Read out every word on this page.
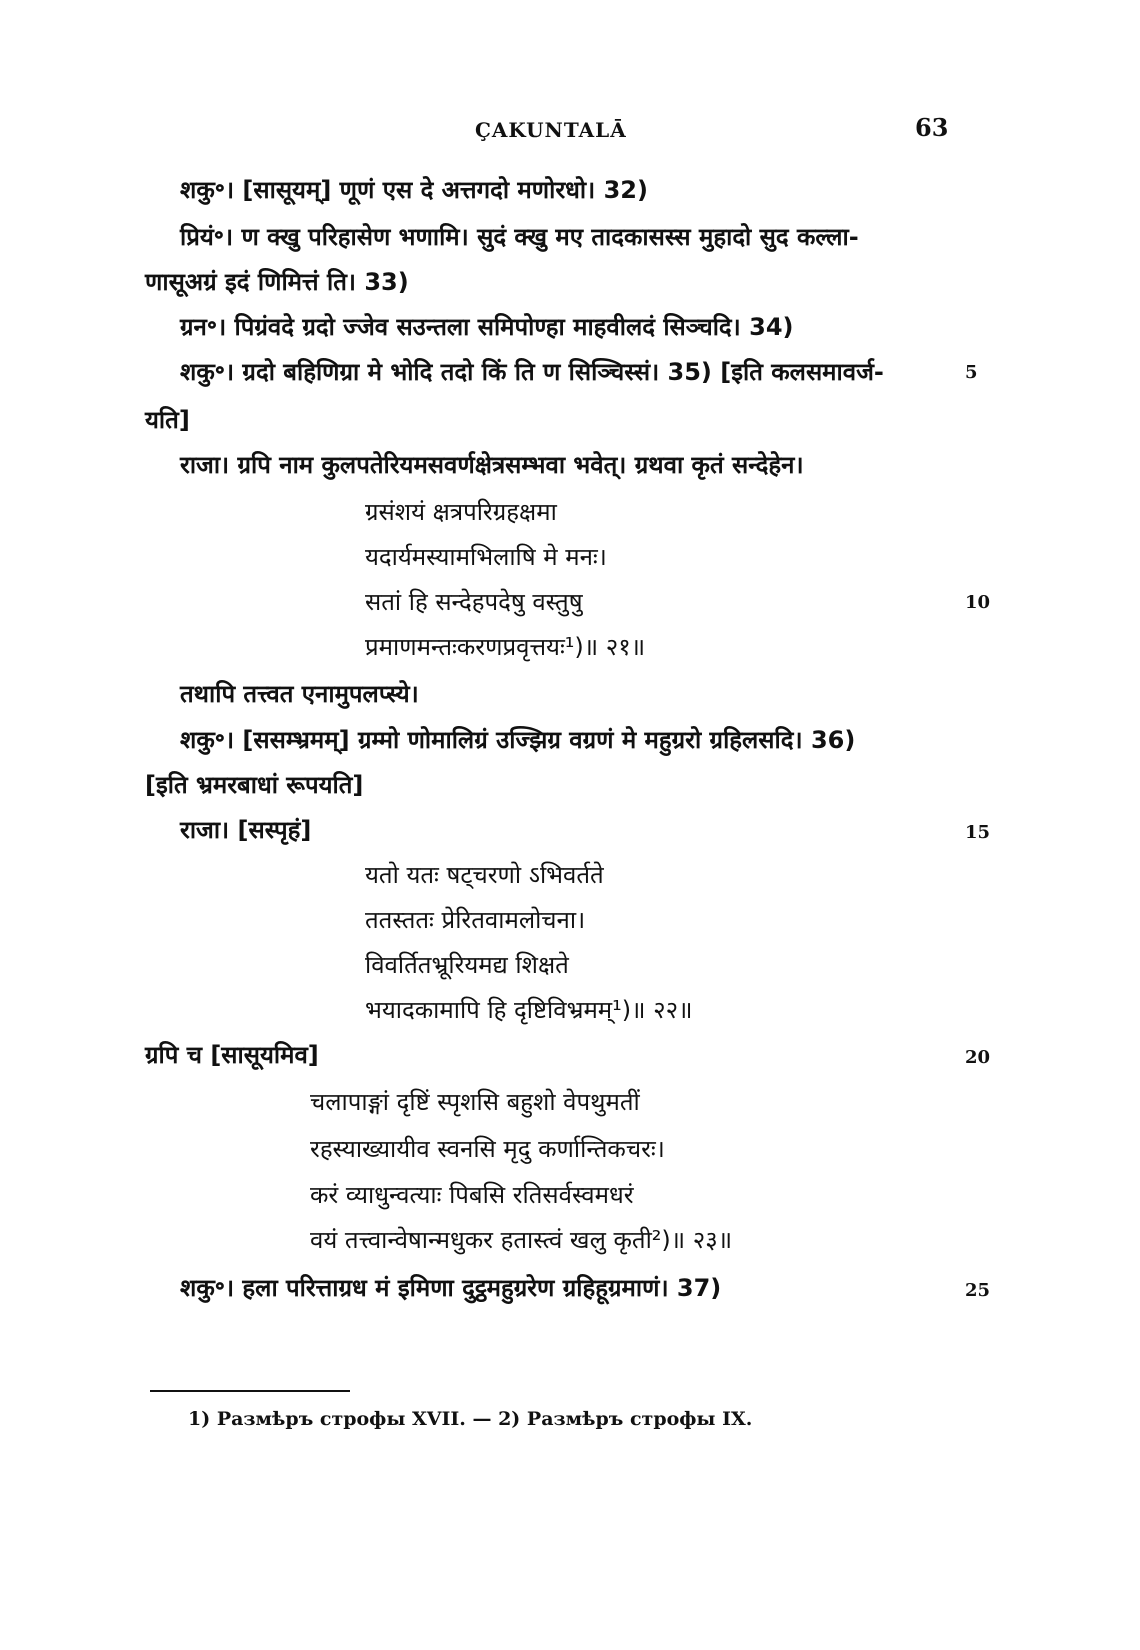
ÇAKUNTALĀ	63
शकु॰। [सासूयम्] णूणं एस दे अत्तगदो मणोरधो। 32)
प्रियं॰। ण क्खु परिहासेण भणामि। सुदं क्खु मए तादकासस्स मुहादो सुद कल्ला-
णासूअग्रं इदं णिमित्तं ति। 33)
ग्रन॰। पिग्रंवदे ग्रदो ज्जेव सउन्तला समिपोण्हा माहवीलदं सिञ्चदि। 34)
शकु॰। ग्रदो बहिणिग्रा मे भोदि तदो किं ति ण सिञ्चिस्सं। 35) [इति कलसमावर्ज-	5
यति]
राजा। ग्रपि नाम कुलपतेरियमसवर्णक्षेत्रसम्भवा भवेत्। ग्रथवा कृतं सन्देहेन।
ग्रसंशयं क्षत्रपरिग्रहक्षमा
यदार्यमस्यामभिलाषि मे मनः।
सतां हि सन्देहपदेषु वस्तुषु	10
प्रमाणमन्तःकरणप्रवृत्तयः¹)॥ २१॥
तथापि तत्त्वत एनामुपलप्स्ये।
शकु॰। [ससम्भ्रमम्] ग्रम्मो णोमालिग्रं उज्झिग्र वग्रणं मे महुग्ररो ग्रहिलसदि। 36)
[इति भ्रमरबाधां रूपयति]
राजा। [सस्पृहं]	15
यतो यतः षट्चरणो ऽभिवर्तते
ततस्ततः प्रेरितवामलोचना।
विवर्तितभ्रूरियमद्य शिक्षते
भयादकामापि हि दृष्टिविभ्रमम्¹)॥ २२॥
ग्रपि च [सासूयमिव]	20
चलापाङ्गां दृष्टिं स्पृशसि बहुशो वेपथुमतीं
रहस्याख्यायीव स्वनसि मृदु कर्णान्तिकचरः।
करं व्याधुन्वत्याः पिबसि रतिसर्वस्वमधरं
वयं तत्त्वान्वेषान्मधुकर हतास्त्वं खलु कृती²)॥ २३॥
शकु॰। हला परित्ताग्रध मं इमिणा दुट्ठमहुग्ररेण ग्रहिहूग्रमाणं। 37)	25
1) Размѣръ строфы XVII. — 2) Размѣръ строфы IX.
